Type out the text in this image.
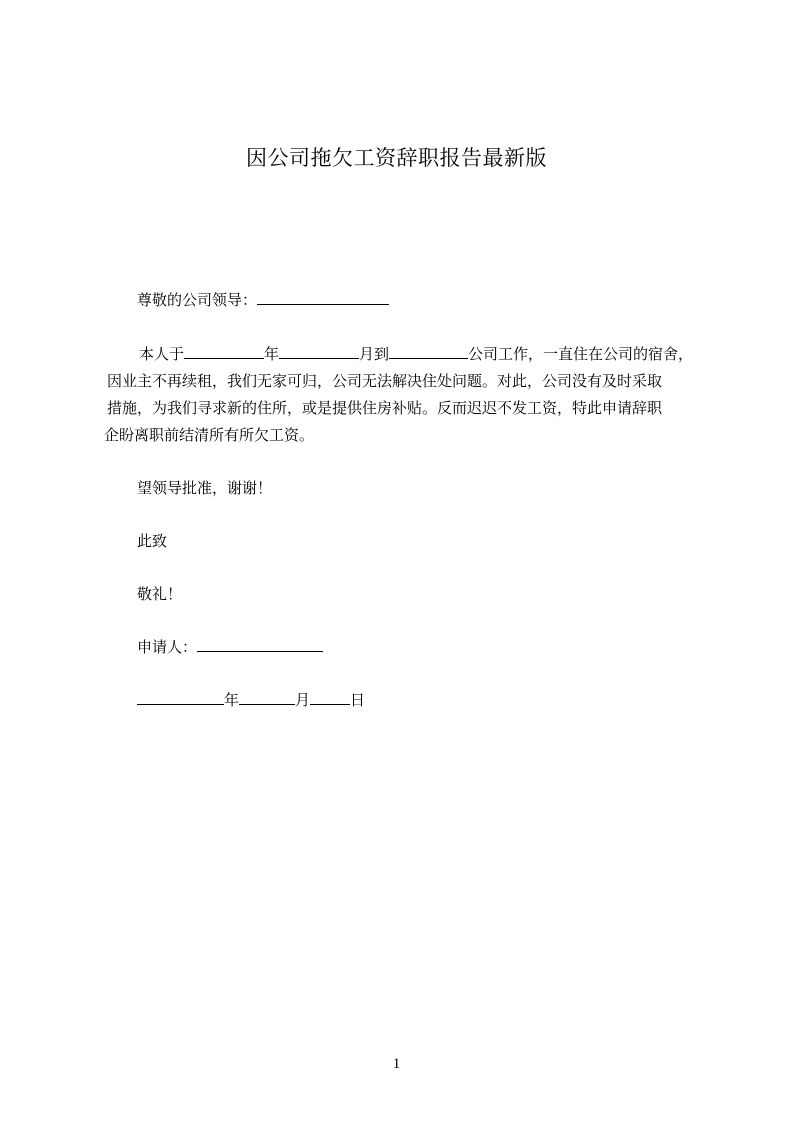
因公司拖欠工资辞职报告最新版
尊敬的公司领导：
本人于	年	月到	公司工作，一直住在公司的宿舍，
因业主不再续租，我们无家可归，公司无法解决住处问题。对此，公司没有及时采取
措施，为我们寻求新的住所，或是提供住房补贴。反而迟迟不发工资，特此申请辞职
企盼离职前结清所有所欠工资。
望领导批准，谢谢！
此致
敬礼！
申请人：
年	月	日
1
